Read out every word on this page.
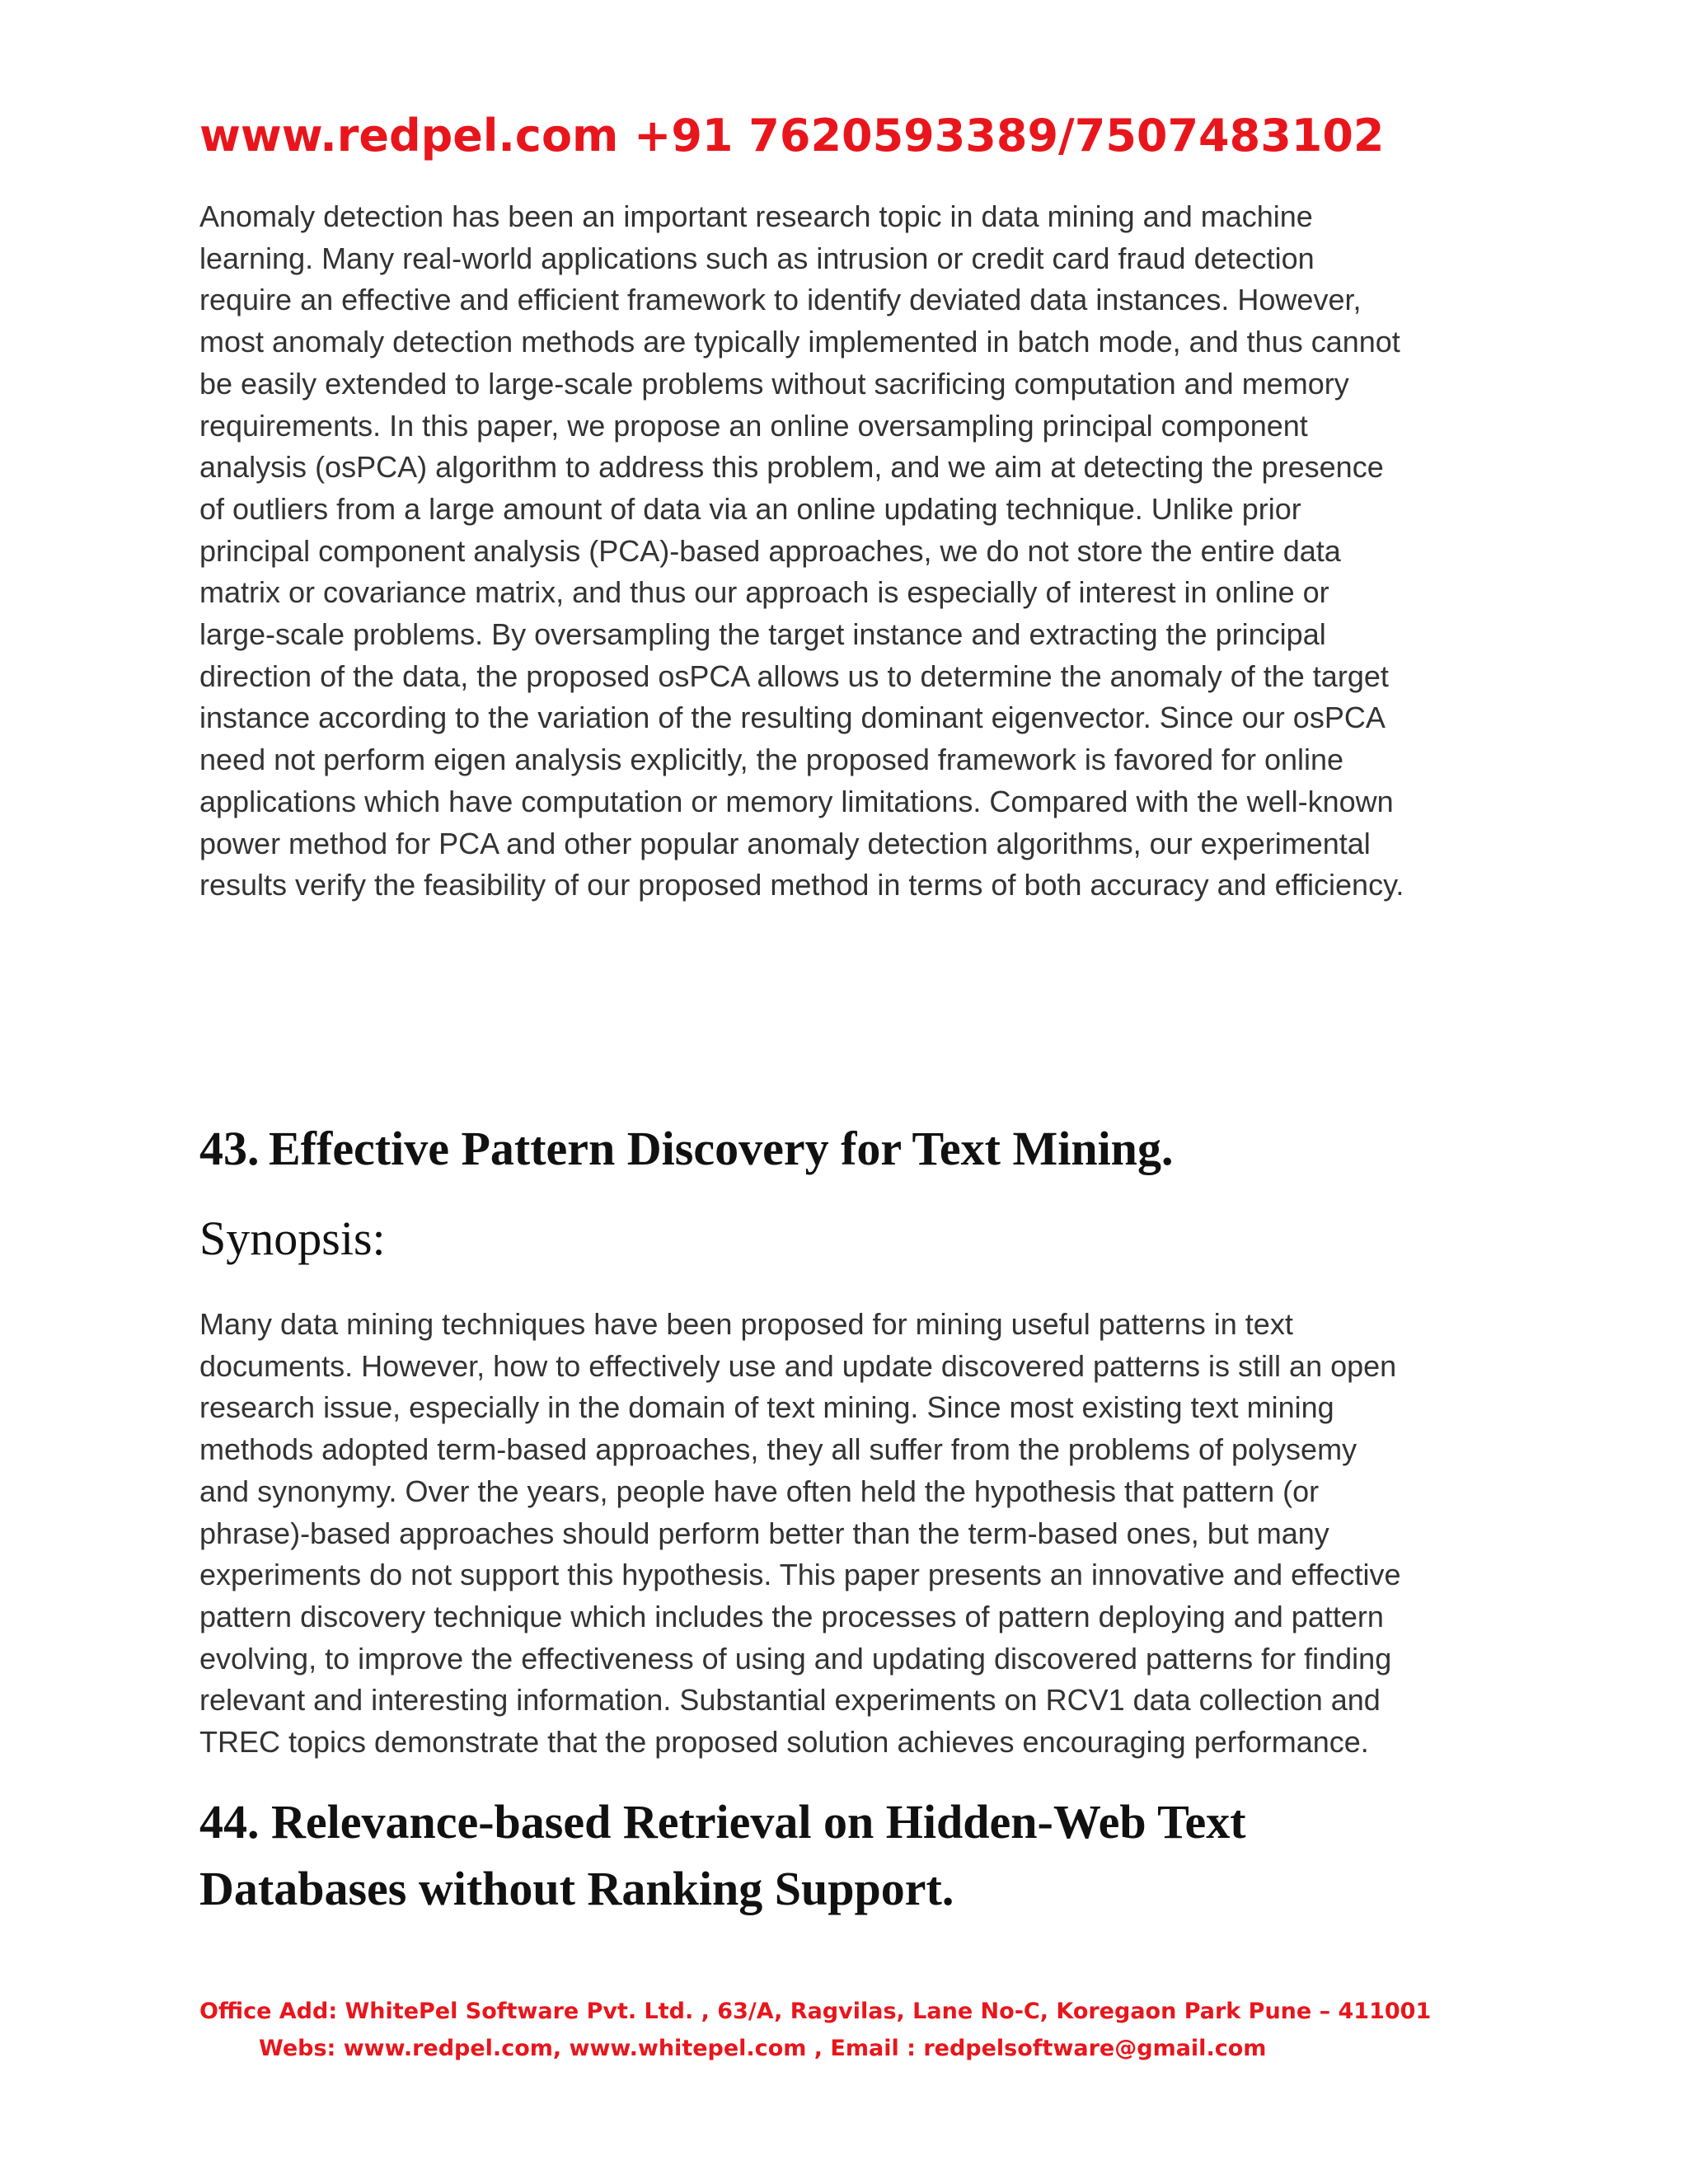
www.redpel.com +91 7620593389/7507483102

Anomaly detection has been an important research topic in data mining and machine
learning. Many real-world applications such as intrusion or credit card fraud detection
require an effective and efficient framework to identify deviated data instances. However,
most anomaly detection methods are typically implemented in batch mode, and thus cannot
be easily extended to large-scale problems without sacrificing computation and memory
requirements. In this paper, we propose an online oversampling principal component
analysis (osPCA) algorithm to address this problem, and we aim at detecting the presence
of outliers from a large amount of data via an online updating technique. Unlike prior
principal component analysis (PCA)-based approaches, we do not store the entire data
matrix or covariance matrix, and thus our approach is especially of interest in online or
large-scale problems. By oversampling the target instance and extracting the principal
direction of the data, the proposed osPCA allows us to determine the anomaly of the target
instance according to the variation of the resulting dominant eigenvector. Since our osPCA
need not perform eigen analysis explicitly, the proposed framework is favored for online
applications which have computation or memory limitations. Compared with the well-known
power method for PCA and other popular anomaly detection algorithms, our experimental
results verify the feasibility of our proposed method in terms of both accuracy and efficiency.

43. Effective Pattern Discovery for Text Mining.
Synopsis:

Many data mining techniques have been proposed for mining useful patterns in text
documents. However, how to effectively use and update discovered patterns is still an open
research issue, especially in the domain of text mining. Since most existing text mining
methods adopted term-based approaches, they all suffer from the problems of polysemy
and synonymy. Over the years, people have often held the hypothesis that pattern (or
phrase)-based approaches should perform better than the term-based ones, but many
experiments do not support this hypothesis. This paper presents an innovative and effective
pattern discovery technique which includes the processes of pattern deploying and pattern
evolving, to improve the effectiveness of using and updating discovered patterns for finding
relevant and interesting information. Substantial experiments on RCV1 data collection and
TREC topics demonstrate that the proposed solution achieves encouraging performance.

44. Relevance-based Retrieval on Hidden-Web Text
Databases without Ranking Support.
Office Add: WhitePel Software Pvt. Ltd. , 63/A, Ragvilas, Lane No-C, Koregaon Park Pune – 411001
Webs: www.redpel.com, www.whitepel.com , Email : redpelsoftware@gmail.com
